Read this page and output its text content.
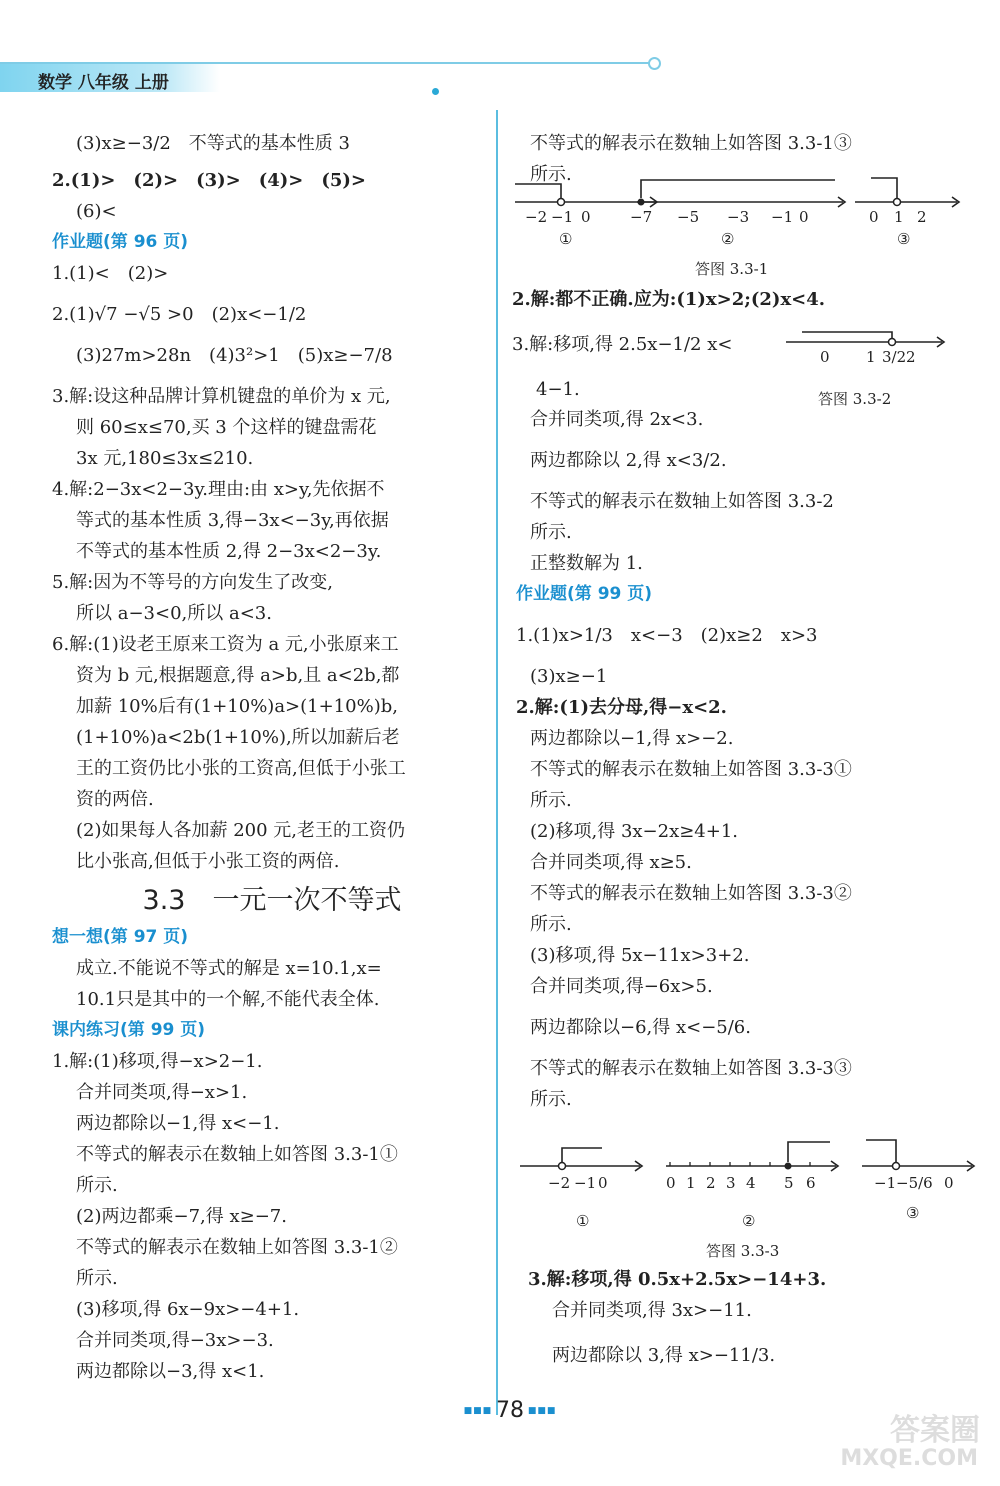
数学 八年级 上册
(3)x≥−3/2　不等式的基本性质 3
2.(1)>　(2)>　(3)>　(4)>　(5)>
(6)<
作业题(第 96 页)
1.(1)<　(2)>
2.(1)√7 −√5 >0　(2)x<−1/2
(3)27m>28n　(4)3²>1　(5)x≥−7/8
3.解:设这种品牌计算机键盘的单价为 x 元,
则 60≤x≤70,买 3 个这样的键盘需花
3x 元,180≤3x≤210.
4.解:2−3x<2−3y.理由:由 x>y,先依据不
等式的基本性质 3,得−3x<−3y,再依据
不等式的基本性质 2,得 2−3x<2−3y.
5.解:因为不等号的方向发生了改变,
所以 a−3<0,所以 a<3.
6.解:(1)设老王原来工资为 a 元,小张原来工
资为 b 元,根据题意,得 a>b,且 a<2b,都
加薪 10%后有(1+10%)a>(1+10%)b,
(1+10%)a<2b(1+10%),所以加薪后老
王的工资仍比小张的工资高,但低于小张工
资的两倍.
(2)如果每人各加薪 200 元,老王的工资仍
比小张高,但低于小张工资的两倍.
3.3　一元一次不等式
想一想(第 97 页)
成立.不能说不等式的解是 x=10.1,x=
10.1只是其中的一个解,不能代表全体.
课内练习(第 99 页)
1.解:(1)移项,得−x>2−1.
合并同类项,得−x>1.
两边都除以−1,得 x<−1.
不等式的解表示在数轴上如答图 3.3-1①
所示.
(2)两边都乘−7,得 x≥−7.
不等式的解表示在数轴上如答图 3.3-1②
所示.
(3)移项,得 6x−9x>−4+1.
合并同类项,得−3x>−3.
两边都除以−3,得 x<1.
不等式的解表示在数轴上如答图 3.3-1③
所示.
−2 −1 0	−7 −5 −3 −1 0	0 1 2
①	②	③
答图 3.3-1
2.解:都不正确.应为:(1)x>2;(2)x<4.
3.解:移项,得 2.5x−1/2 x<
4−1.
0 1 3/2 2
答图 3.3-2
合并同类项,得 2x<3.
两边都除以 2,得 x<3/2.
不等式的解表示在数轴上如答图 3.3-2
所示.
正整数解为 1.
作业题(第 99 页)
1.(1)x>1/3　x<−3　(2)x≥2　x>3
(3)x≥−1
2.解:(1)去分母,得−x<2.
两边都除以−1,得 x>−2.
不等式的解表示在数轴上如答图 3.3-3①
所示.
(2)移项,得 3x−2x≥4+1.
合并同类项,得 x≥5.
不等式的解表示在数轴上如答图 3.3-3②
所示.
(3)移项,得 5x−11x>3+2.
合并同类项,得−6x>5.
两边都除以−6,得 x<−5/6.
不等式的解表示在数轴上如答图 3.3-3③
所示.
−2 −1 0	0 1 2 3 4 5 6	−1 −5/6 0
①	②	③
答图 3.3-3
3.解:移项,得 0.5x+2.5x>−14+3.
合并同类项,得 3x>−11.
两边都除以 3,得 x>−11/3.
■■■ 78 ■■■
答案圈
MXQE.COM
